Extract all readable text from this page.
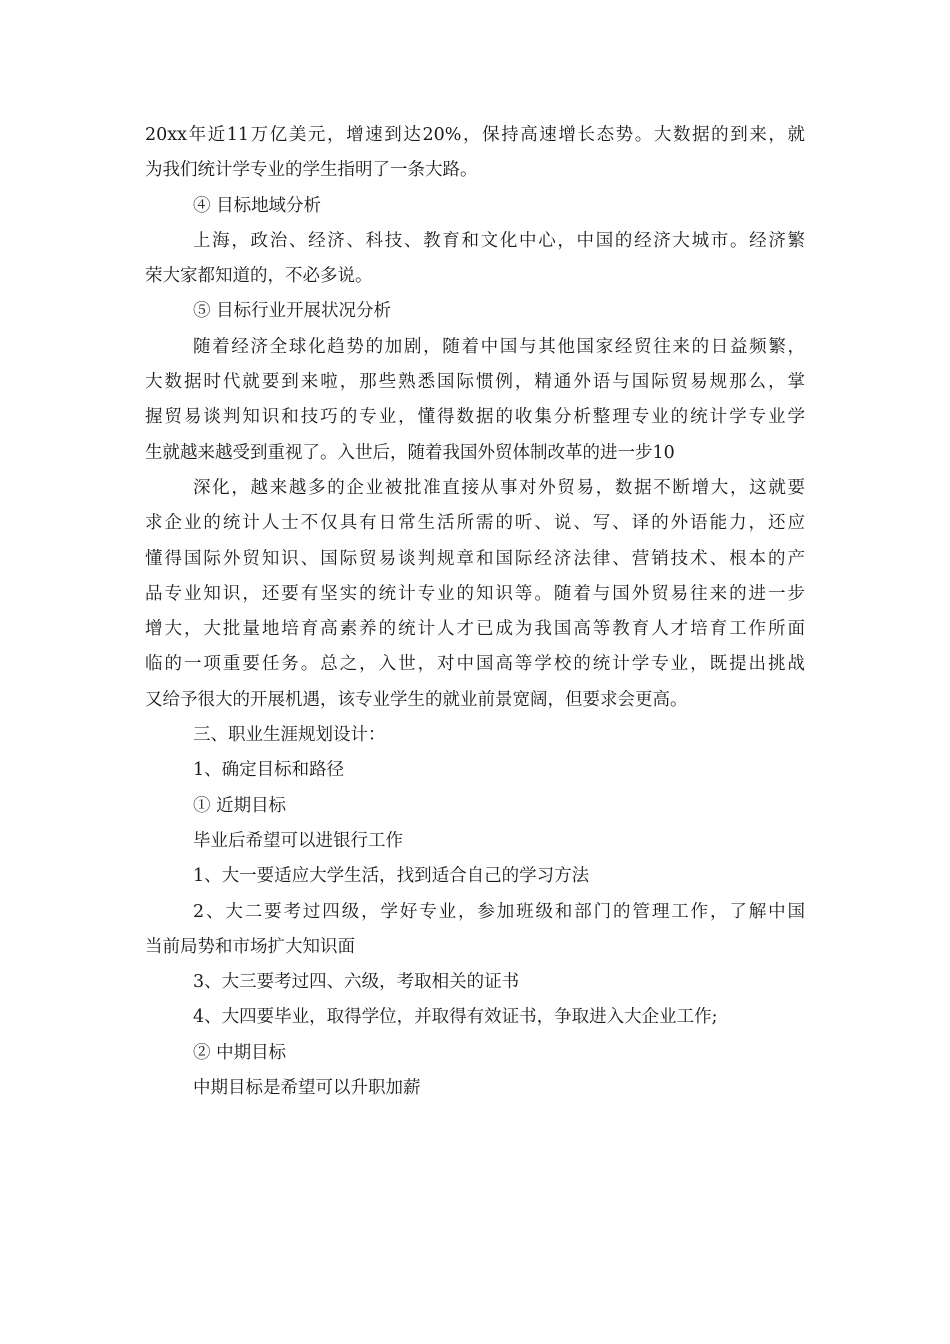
20xx年近11万亿美元，增速到达20%，保持高速增长态势。大数据的到来，就
为我们统计学专业的学生指明了一条大路。
④ 目标地域分析
上海，政治、经济、科技、教育和文化中心，中国的经济大城市。经济繁
荣大家都知道的，不必多说。
⑤ 目标行业开展状况分析
随着经济全球化趋势的加剧，随着中国与其他国家经贸往来的日益频繁，
大数据时代就要到来啦，那些熟悉国际惯例，精通外语与国际贸易规那么，掌
握贸易谈判知识和技巧的专业，懂得数据的收集分析整理专业的统计学专业学
生就越来越受到重视了。入世后，随着我国外贸体制改革的进一步10
深化，越来越多的企业被批准直接从事对外贸易，数据不断增大，这就要
求企业的统计人士不仅具有日常生活所需的听、说、写、译的外语能力，还应
懂得国际外贸知识、国际贸易谈判规章和国际经济法律、营销技术、根本的产
品专业知识，还要有坚实的统计专业的知识等。随着与国外贸易往来的进一步
增大，大批量地培育高素养的统计人才已成为我国高等教育人才培育工作所面
临的一项重要任务。总之，入世，对中国高等学校的统计学专业，既提出挑战
又给予很大的开展机遇，该专业学生的就业前景宽阔，但要求会更高。
三、职业生涯规划设计：
1、确定目标和路径
① 近期目标
毕业后希望可以进银行工作
1、大一要适应大学生活，找到适合自己的学习方法
2、大二要考过四级，学好专业，参加班级和部门的管理工作，了解中国
当前局势和市场扩大知识面
3、大三要考过四、六级，考取相关的证书
4、大四要毕业，取得学位，并取得有效证书，争取进入大企业工作;
② 中期目标
中期目标是希望可以升职加薪
